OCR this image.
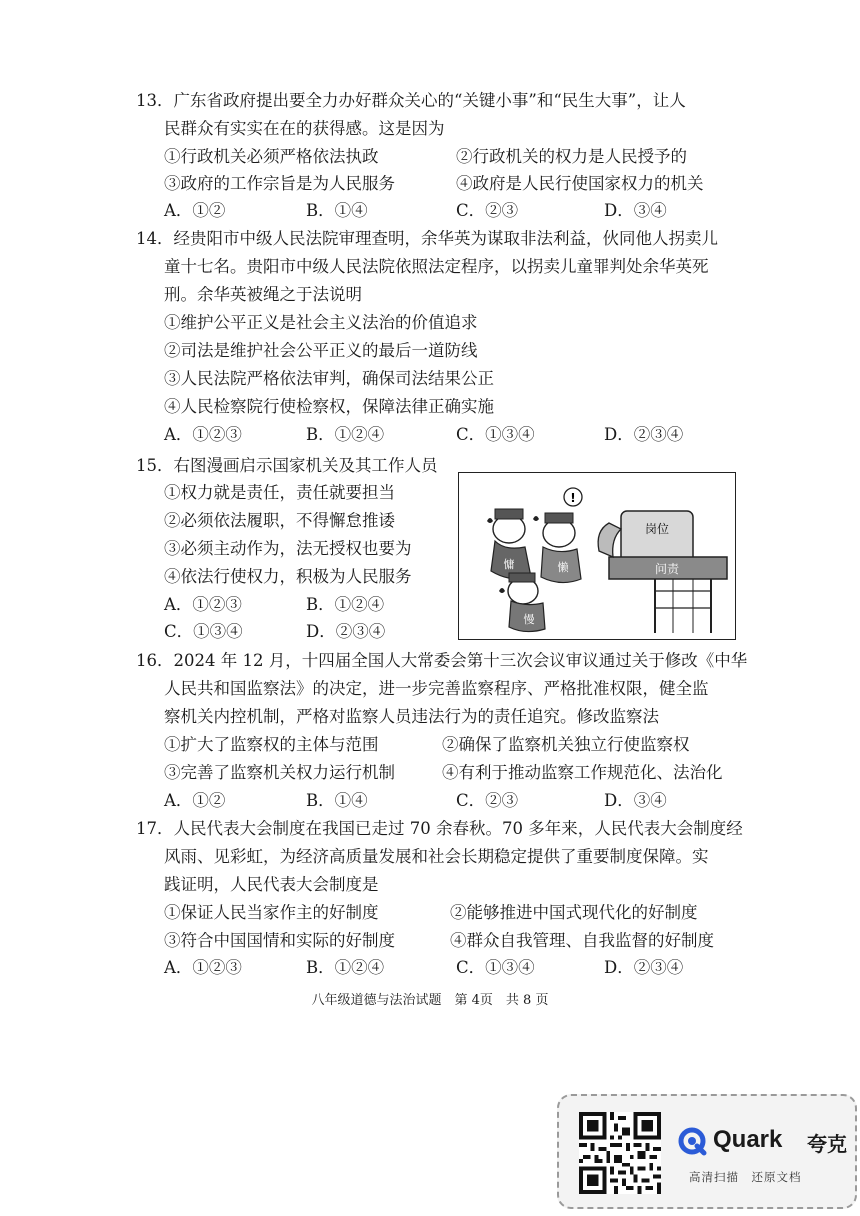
13．广东省政府提出要全力办好群众关心的“关键小事”和“民生大事”，让人
民群众有实实在在的获得感。这是因为
①行政机关必须严格依法执政	②行政机关的权力是人民授予的
③政府的工作宗旨是为人民服务	④政府是人民行使国家权力的机关
A．①②	B．①④	C．②③	D．③④
14．经贵阳市中级人民法院审理查明，余华英为谋取非法利益，伙同他人拐卖儿
童十七名。贵阳市中级人民法院依照法定程序，以拐卖儿童罪判处余华英死
刑。余华英被绳之于法说明
①维护公平正义是社会主义法治的价值追求
②司法是维护社会公平正义的最后一道防线
③人民法院严格依法审判，确保司法结果公正
④人民检察院行使检察权，保障法律正确实施
A．①②③	B．①②④	C．①③④	D．②③④
15．右图漫画启示国家机关及其工作人员
①权力就是责任，责任就要担当
②必须依法履职，不得懈怠推诿
③必须主动作为，法无授权也要为
④依法行使权力，积极为人民服务
A．①②③	B．①②④
C．①③④	D．②③④
岗位
问责
慵	懒
!
慢
16．2024 年 12 月，十四届全国人大常委会第十三次会议审议通过关于修改《中华
人民共和国监察法》的决定，进一步完善监察程序、严格批准权限，健全监
察机关内控机制，严格对监察人员违法行为的责任追究。修改监察法
①扩大了监察权的主体与范围	②确保了监察机关独立行使监察权
③完善了监察机关权力运行机制	④有利于推动监察工作规范化、法治化
A．①②	B．①④	C．②③	D．③④
17．人民代表大会制度在我国已走过 70 余春秋。70 多年来，人民代表大会制度经
风雨、见彩虹，为经济高质量发展和社会长期稳定提供了重要制度保障。实
践证明，人民代表大会制度是
①保证人民当家作主的好制度	②能够推进中国式现代化的好制度
③符合中国国情和实际的好制度	④群众自我管理、自我监督的好制度
A．①②③	B．①②④	C．①③④	D．②③④
八年级道德与法治试题　第 4页　共 8 页
Quark 夸克
高清扫描　还原文档
